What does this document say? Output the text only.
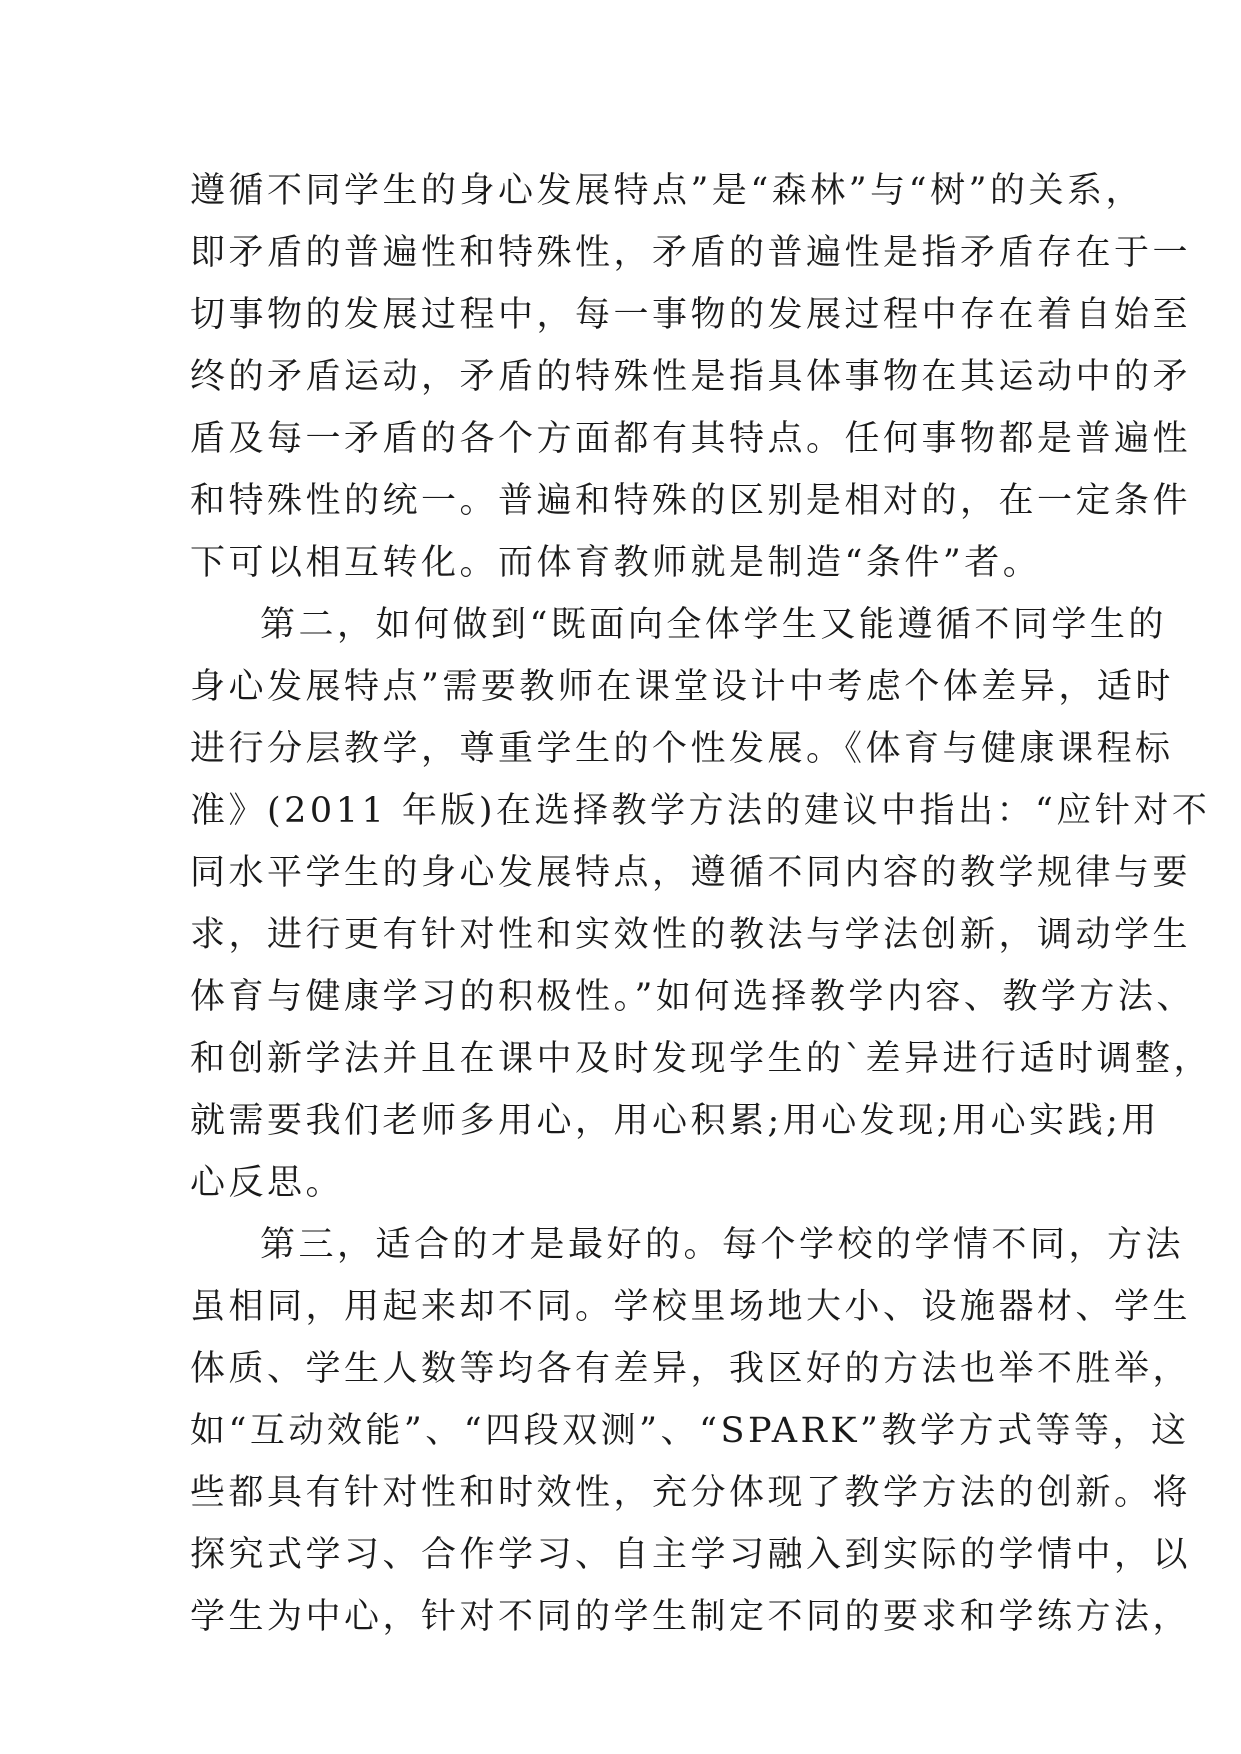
遵循不同学生的身心发展特点”是“森林”与“树”的关系，
即矛盾的普遍性和特殊性，矛盾的普遍性是指矛盾存在于一
切事物的发展过程中，每一事物的发展过程中存在着自始至
终的矛盾运动，矛盾的特殊性是指具体事物在其运动中的矛
盾及每一矛盾的各个方面都有其特点。任何事物都是普遍性
和特殊性的统一。普遍和特殊的区别是相对的，在一定条件
下可以相互转化。而体育教师就是制造“条件”者。
第二，如何做到“既面向全体学生又能遵循不同学生的
身心发展特点”需要教师在课堂设计中考虑个体差异，适时
进行分层教学，尊重学生的个性发展。《体育与健康课程标
准》(2011 年版)在选择教学方法的建议中指出：“应针对不
同水平学生的身心发展特点，遵循不同内容的教学规律与要
求，进行更有针对性和实效性的教法与学法创新，调动学生
体育与健康学习的积极性。”如何选择教学内容、教学方法、
和创新学法并且在课中及时发现学生的`差异进行适时调整，
就需要我们老师多用心，用心积累;用心发现;用心实践;用
心反思。
第三，适合的才是最好的。每个学校的学情不同，方法
虽相同，用起来却不同。学校里场地大小、设施器材、学生
体质、学生人数等均各有差异，我区好的方法也举不胜举，
如“互动效能”、“四段双测”、“SPARK”教学方式等等，这
些都具有针对性和时效性，充分体现了教学方法的创新。将
探究式学习、合作学习、自主学习融入到实际的学情中，以
学生为中心，针对不同的学生制定不同的要求和学练方法，
